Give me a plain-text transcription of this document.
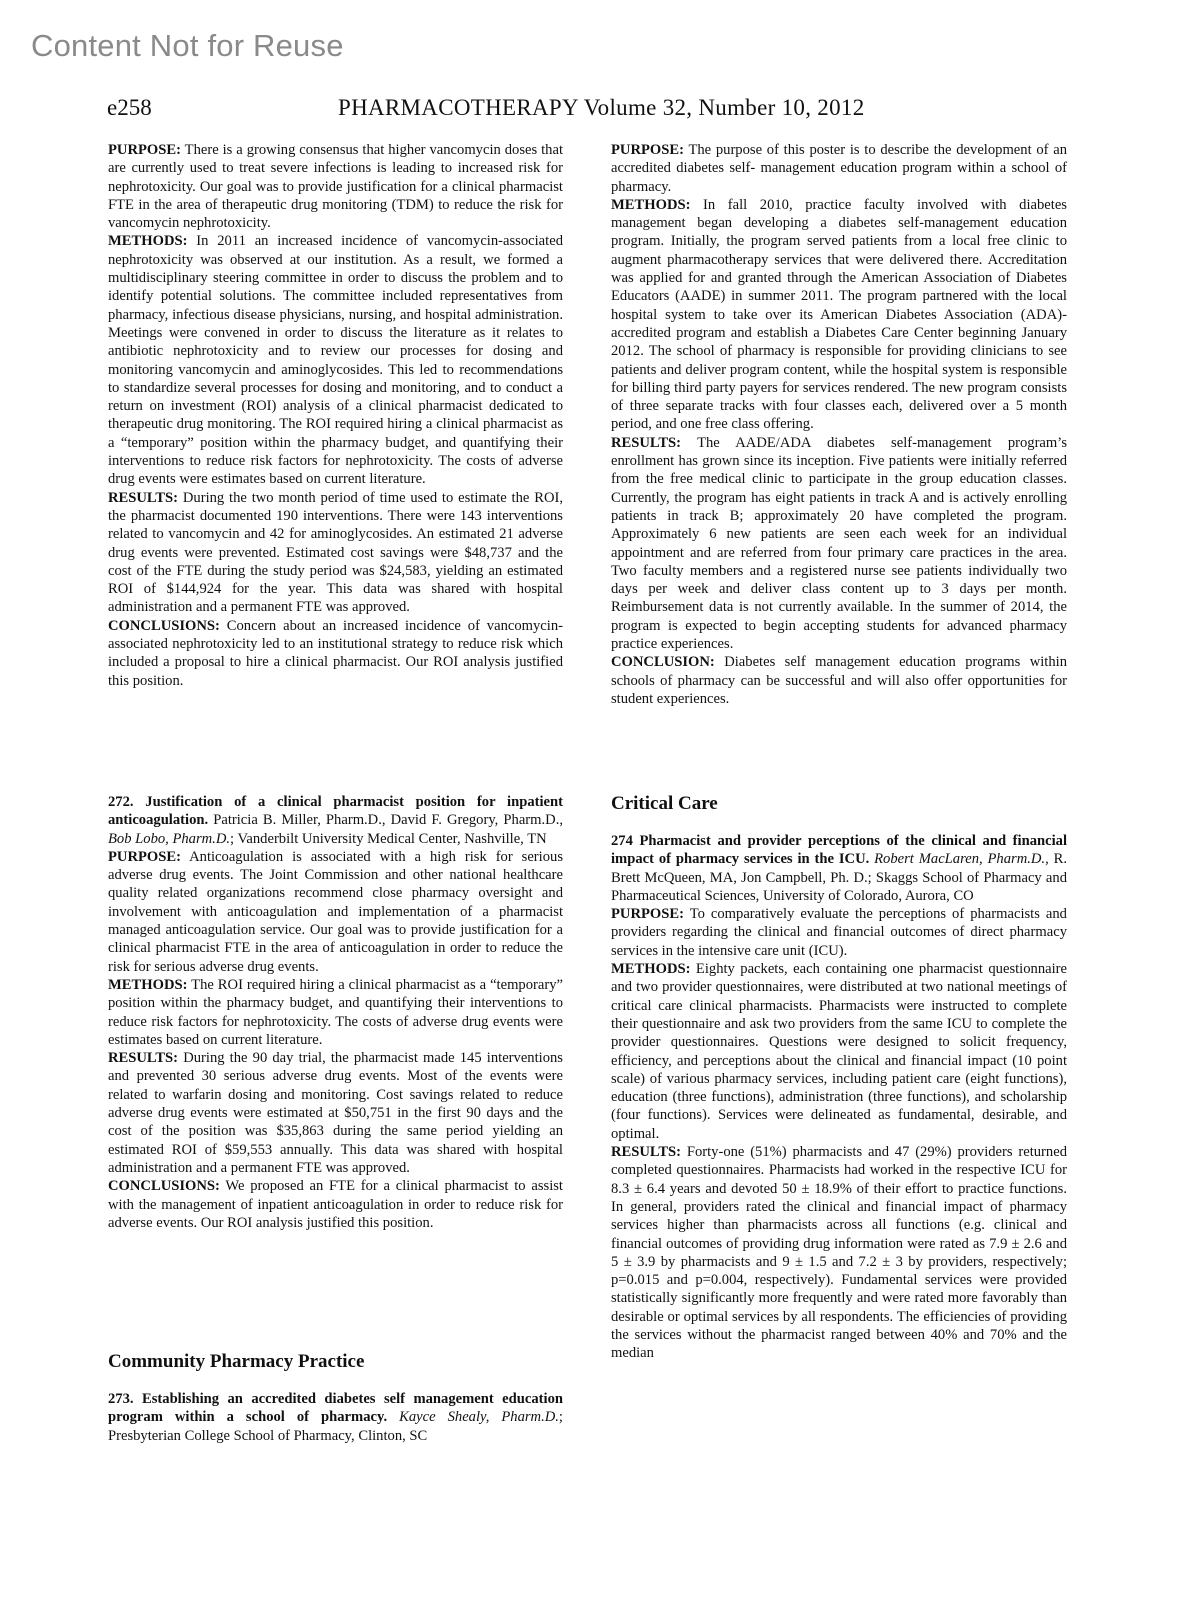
Content Not for Reuse
e258	PHARMACOTHERAPY Volume 32, Number 10, 2012

PURPOSE: There is a growing consensus that higher vancomycin doses that are currently used to treat severe infections is leading to increased risk for nephrotoxicity. Our goal was to provide justification for a clinical pharmacist FTE in the area of therapeutic drug monitoring (TDM) to reduce the risk for vancomycin nephrotoxicity.

METHODS: In 2011 an increased incidence of vancomycin-associated nephrotoxicity was observed at our institution. As a result, we formed a multidisciplinary steering committee in order to discuss the problem and to identify potential solutions. The committee included representatives from pharmacy, infectious disease physicians, nursing, and hospital administration. Meetings were convened in order to discuss the literature as it relates to antibiotic nephrotoxicity and to review our processes for dosing and monitoring vancomycin and aminoglycosides. This led to recommendations to standardize several processes for dosing and monitoring, and to conduct a return on investment (ROI) analysis of a clinical pharmacist dedicated to therapeutic drug monitoring. The ROI required hiring a clinical pharmacist as a “temporary” position within the pharmacy budget, and quantifying their interventions to reduce risk factors for nephrotoxicity. The costs of adverse drug events were estimates based on current literature.

RESULTS: During the two month period of time used to estimate the ROI, the pharmacist documented 190 interventions. There were 143 interventions related to vancomycin and 42 for aminoglycosides. An estimated 21 adverse drug events were prevented. Estimated cost savings were $48,737 and the cost of the FTE during the study period was $24,583, yielding an estimated ROI of $144,924 for the year. This data was shared with hospital administration and a permanent FTE was approved.

CONCLUSIONS: Concern about an increased incidence of vancomycin-associated nephrotoxicity led to an institutional strategy to reduce risk which included a proposal to hire a clinical pharmacist. Our ROI analysis justified this position.

272. Justification of a clinical pharmacist position for inpatient anticoagulation. Patricia B. Miller, Pharm.D., David F. Gregory, Pharm.D., Bob Lobo, Pharm.D.; Vanderbilt University Medical Center, Nashville, TN

PURPOSE: Anticoagulation is associated with a high risk for serious adverse drug events. The Joint Commission and other national healthcare quality related organizations recommend close pharmacy oversight and involvement with anticoagulation and implementation of a pharmacist managed anticoagulation service. Our goal was to provide justification for a clinical pharmacist FTE in the area of anticoagulation in order to reduce the risk for serious adverse drug events.

METHODS: The ROI required hiring a clinical pharmacist as a “temporary” position within the pharmacy budget, and quantifying their interventions to reduce risk factors for nephrotoxicity. The costs of adverse drug events were estimates based on current literature.

RESULTS: During the 90 day trial, the pharmacist made 145 interventions and prevented 30 serious adverse drug events. Most of the events were related to warfarin dosing and monitoring. Cost savings related to reduce adverse drug events were estimated at $50,751 in the first 90 days and the cost of the position was $35,863 during the same period yielding an estimated ROI of $59,553 annually. This data was shared with hospital administration and a permanent FTE was approved.

CONCLUSIONS: We proposed an FTE for a clinical pharmacist to assist with the management of inpatient anticoagulation in order to reduce risk for adverse events. Our ROI analysis justified this position.

Community Pharmacy Practice

273. Establishing an accredited diabetes self management education program within a school of pharmacy. Kayce Shealy, Pharm.D.; Presbyterian College School of Pharmacy, Clinton, SC

PURPOSE: The purpose of this poster is to describe the development of an accredited diabetes self- management education program within a school of pharmacy.

METHODS: In fall 2010, practice faculty involved with diabetes management began developing a diabetes self-management education program. Initially, the program served patients from a local free clinic to augment pharmacotherapy services that were delivered there. Accreditation was applied for and granted through the American Association of Diabetes Educators (AADE) in summer 2011. The program partnered with the local hospital system to take over its American Diabetes Association (ADA)-accredited program and establish a Diabetes Care Center beginning January 2012. The school of pharmacy is responsible for providing clinicians to see patients and deliver program content, while the hospital system is responsible for billing third party payers for services rendered. The new program consists of three separate tracks with four classes each, delivered over a 5 month period, and one free class offering.

RESULTS: The AADE/ADA diabetes self-management program’s enrollment has grown since its inception. Five patients were initially referred from the free medical clinic to participate in the group education classes. Currently, the program has eight patients in track A and is actively enrolling patients in track B; approximately 20 have completed the program. Approximately 6 new patients are seen each week for an individual appointment and are referred from four primary care practices in the area. Two faculty members and a registered nurse see patients individually two days per week and deliver class content up to 3 days per month. Reimbursement data is not currently available. In the summer of 2014, the program is expected to begin accepting students for advanced pharmacy practice experiences.

CONCLUSION: Diabetes self management education programs within schools of pharmacy can be successful and will also offer opportunities for student experiences.

Critical Care

274 Pharmacist and provider perceptions of the clinical and financial impact of pharmacy services in the ICU. Robert MacLaren, Pharm.D., R. Brett McQueen, MA, Jon Campbell, Ph. D.; Skaggs School of Pharmacy and Pharmaceutical Sciences, University of Colorado, Aurora, CO

PURPOSE: To comparatively evaluate the perceptions of pharmacists and providers regarding the clinical and financial outcomes of direct pharmacy services in the intensive care unit (ICU).

METHODS: Eighty packets, each containing one pharmacist questionnaire and two provider questionnaires, were distributed at two national meetings of critical care clinical pharmacists. Pharmacists were instructed to complete their questionnaire and ask two providers from the same ICU to complete the provider questionnaires. Questions were designed to solicit frequency, efficiency, and perceptions about the clinical and financial impact (10 point scale) of various pharmacy services, including patient care (eight functions), education (three functions), administration (three functions), and scholarship (four functions). Services were delineated as fundamental, desirable, and optimal.

RESULTS: Forty-one (51%) pharmacists and 47 (29%) providers returned completed questionnaires. Pharmacists had worked in the respective ICU for 8.3 ± 6.4 years and devoted 50 ± 18.9% of their effort to practice functions. In general, providers rated the clinical and financial impact of pharmacy services higher than pharmacists across all functions (e.g. clinical and financial outcomes of providing drug information were rated as 7.9 ± 2.6 and 5 ± 3.9 by pharmacists and 9 ± 1.5 and 7.2 ± 3 by providers, respectively; p=0.015 and p=0.004, respectively). Fundamental services were provided statistically significantly more frequently and were rated more favorably than desirable or optimal services by all respondents. The efficiencies of providing the services without the pharmacist ranged between 40% and 70% and the median
